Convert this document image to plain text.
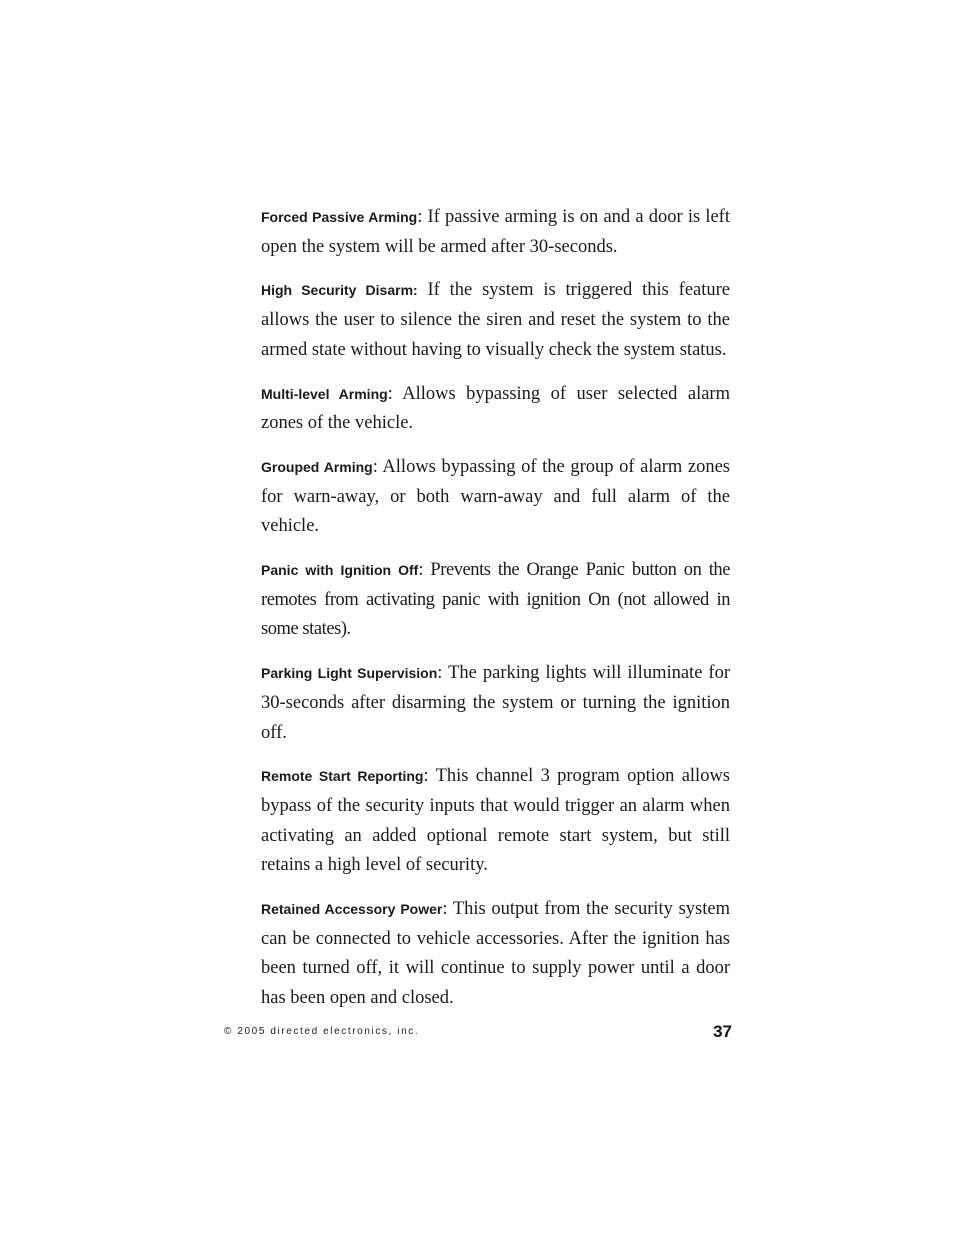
Forced Passive Arming: If passive arming is on and a door is left open the system will be armed after 30-seconds.

High Security Disarm: If the system is triggered this feature allows the user to silence the siren and reset the system to the armed state without having to visually check the system status.

Multi-level Arming: Allows bypassing of user selected alarm zones of the vehicle.

Grouped Arming: Allows bypassing of the group of alarm zones for warn-away, or both warn-away and full alarm of the vehicle.

Panic with Ignition Off: Prevents the Orange Panic button on the remotes from activating panic with ignition On (not allowed in some states).

Parking Light Supervision: The parking lights will illuminate for 30-seconds after disarming the system or turning the ignition off.

Remote Start Reporting: This channel 3 program option allows bypass of the security inputs that would trigger an alarm when activating an added optional remote start system, but still retains a high level of security.

Retained Accessory Power: This output from the security system can be connected to vehicle accessories. After the ignition has been turned off, it will continue to supply power until a door has been open and closed.

© 2005 directed electronics, inc.	37
